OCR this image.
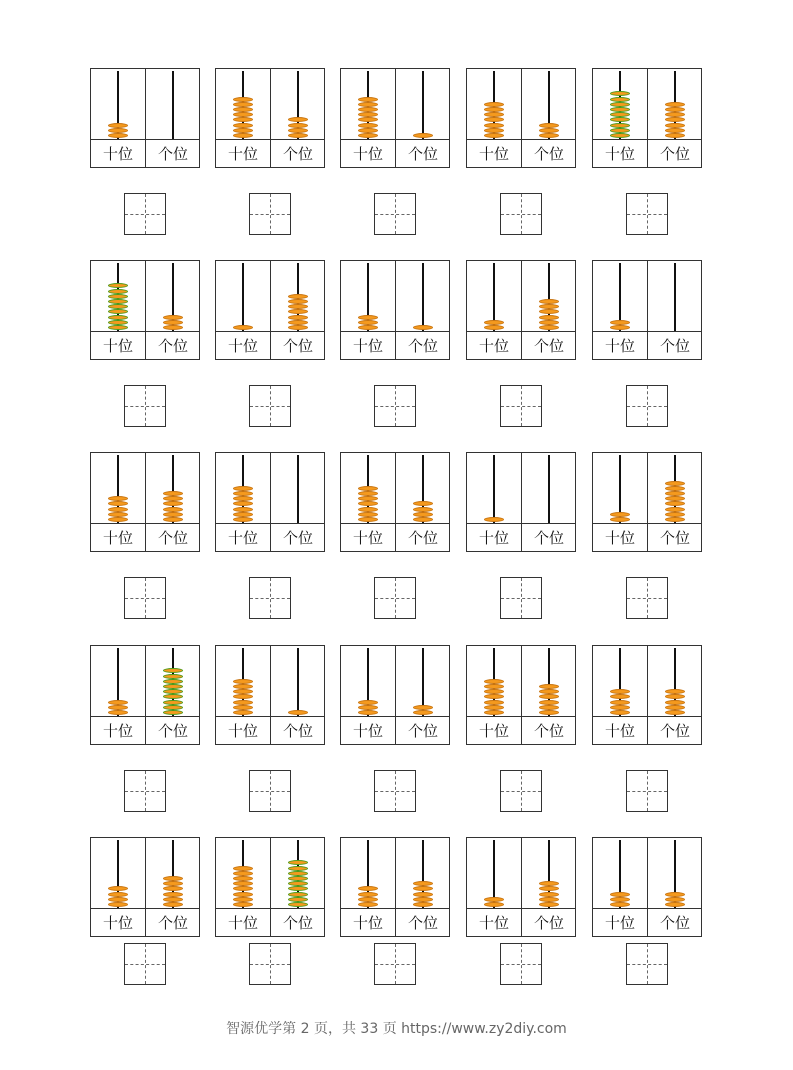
十位	个位	十位	个位	十位	个位	十位	个位	十位	个位
十位	个位	十位	个位	十位	个位	十位	个位	十位	个位
十位	个位	十位	个位	十位	个位	十位	个位	十位	个位
十位	个位	十位	个位	十位	个位	十位	个位	十位	个位
十位	个位	十位	个位	十位	个位	十位	个位	十位	个位
智源优学第 2 页，共 33 页 https://www.zy2diy.com
